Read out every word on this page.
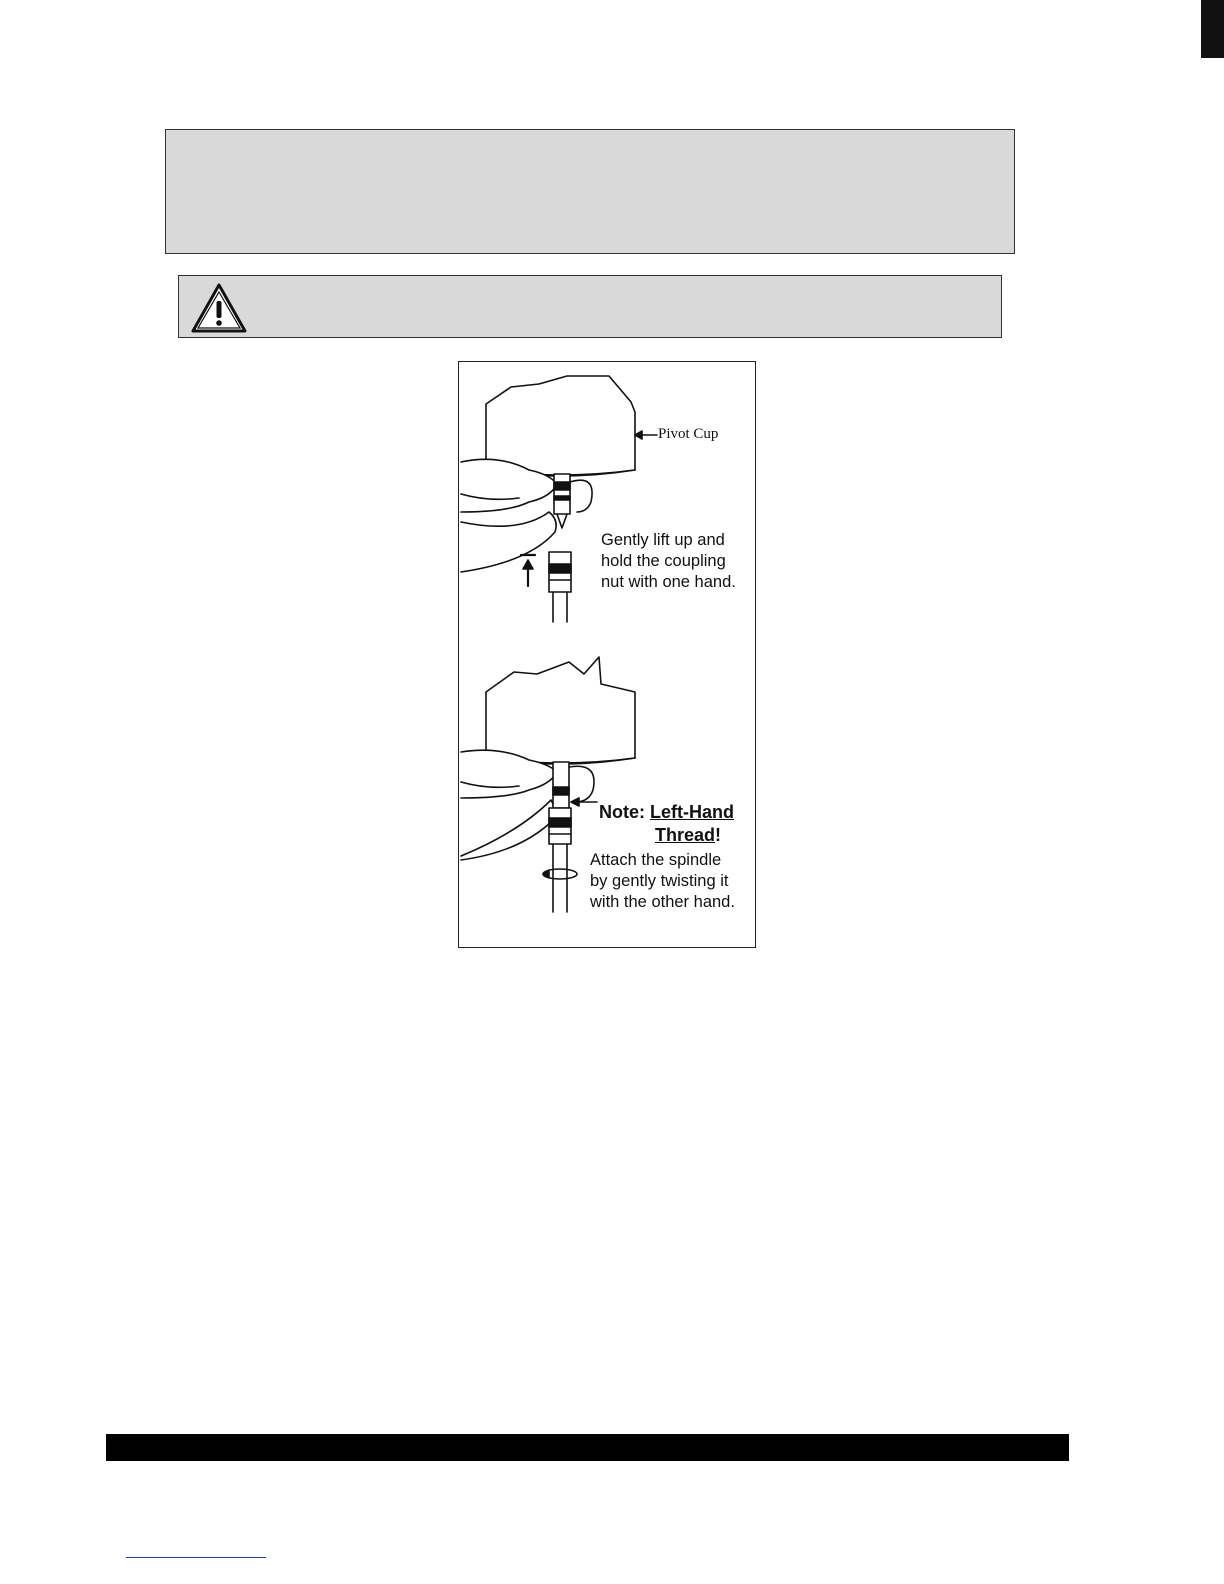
Pivot Cup
Gently lift up and
hold the coupling
nut with one hand.
Note: Left-Hand
Thread!
Attach the spindle
by gently twisting it
with the other hand.
